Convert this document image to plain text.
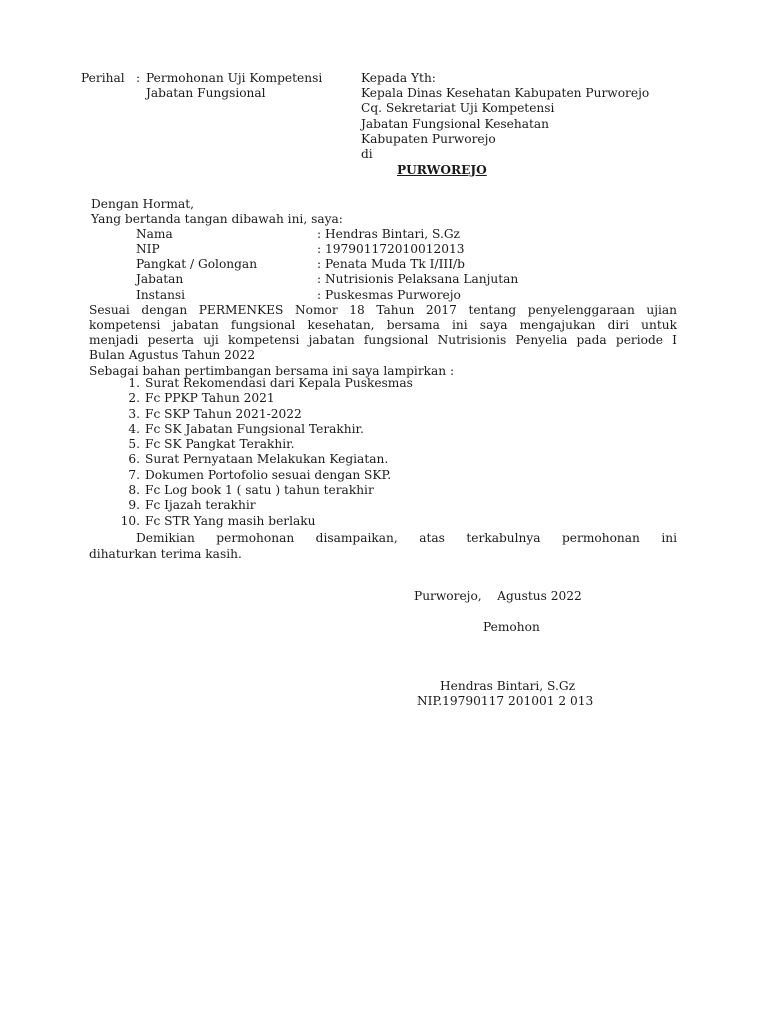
Perihal : Permohonan Uji Kompetensi
Jabatan Fungsional
Kepada Yth:
Kepala Dinas Kesehatan Kabupaten Purworejo
Cq. Sekretariat Uji Kompetensi
Jabatan Fungsional Kesehatan
Kabupaten Purworejo
di
PURWOREJO
Dengan Hormat,
Yang bertanda tangan dibawah ini, saya:
Nama	: Hendras Bintari, S.Gz
NIP	: 197901172010012013
Pangkat / Golongan	: Penata Muda Tk I/III/b
Jabatan	: Nutrisionis Pelaksana Lanjutan
Instansi	: Puskesmas Purworejo
Sesuai dengan PERMENKES Nomor 18 Tahun 2017 tentang penyelenggaraan ujian
kompetensi jabatan fungsional kesehatan, bersama ini saya mengajukan diri untuk
menjadi peserta uji kompetensi jabatan fungsional Nutrisionis Penyelia pada periode I
Bulan Agustus Tahun 2022
Sebagai bahan pertimbangan bersama ini saya lampirkan :
1. Surat Rekomendasi dari Kepala Puskesmas
2. Fc PPKP Tahun 2021
3. Fc SKP Tahun 2021-2022
4. Fc SK Jabatan Fungsional Terakhir.
5. Fc SK Pangkat Terakhir.
6. Surat Pernyataan Melakukan Kegiatan.
7. Dokumen Portofolio sesuai dengan SKP.
8. Fc Log book 1 ( satu ) tahun terakhir
9. Fc Ijazah terakhir
10. Fc STR Yang masih berlaku
Demikian permohonan disampaikan, atas terkabulnya permohonan ini
dihaturkan terima kasih.
Purworejo,    Agustus 2022
Pemohon
Hendras Bintari, S.Gz
NIP.19790117 201001 2 013
